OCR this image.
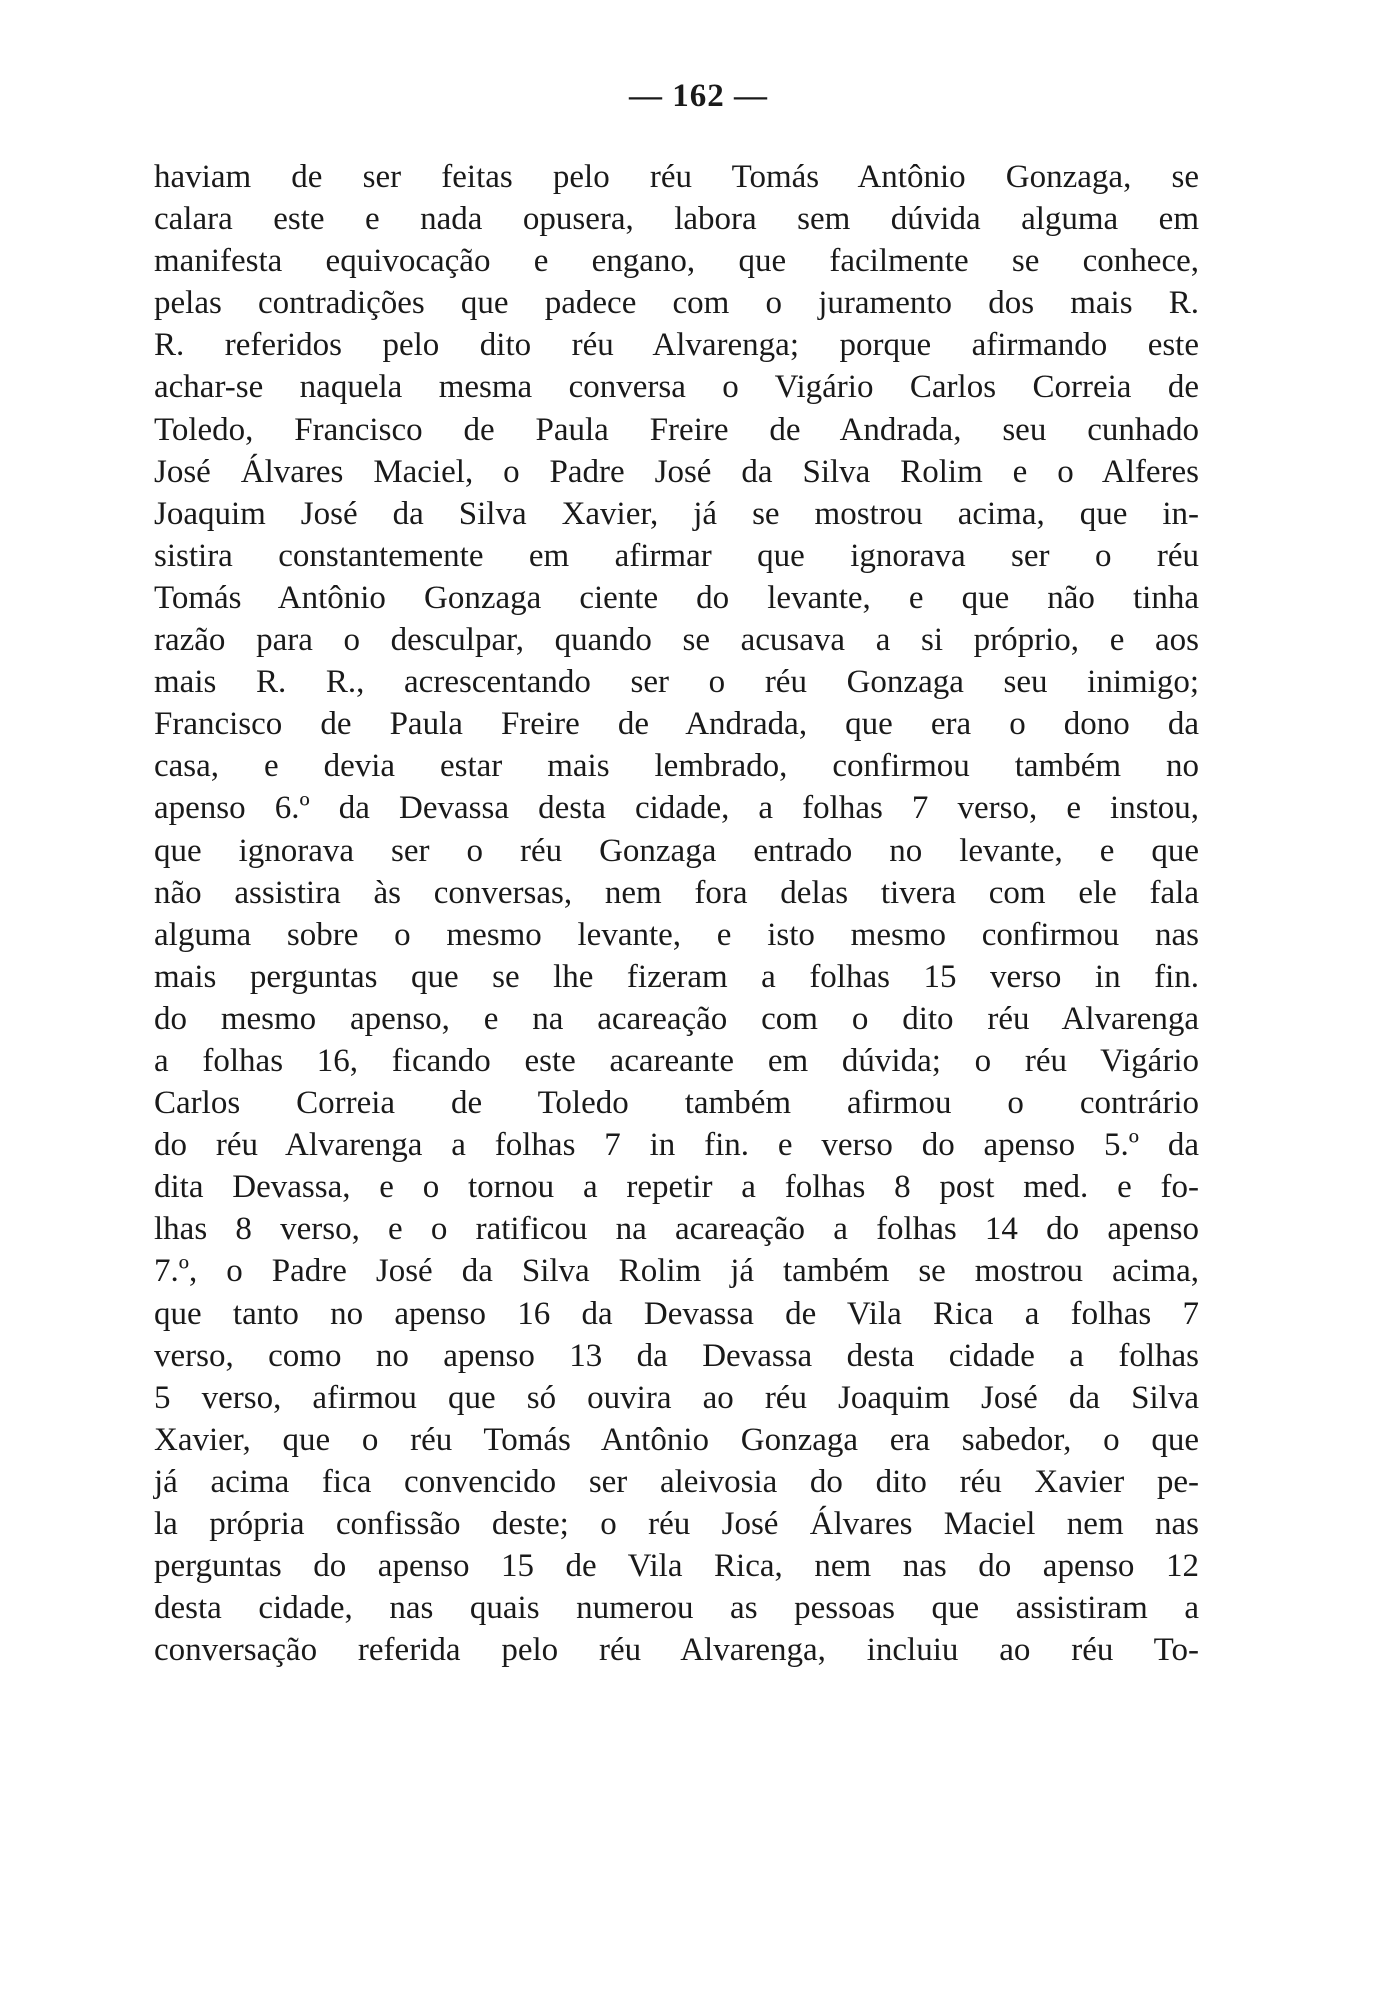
— 162 —
haviam de ser feitas pelo réu Tomás Antônio Gonzaga, se
calara este e nada opusera, labora sem dúvida alguma em
manifesta equivocação e engano, que facilmente se conhece,
pelas contradições que padece com o juramento dos mais R.
R. referidos pelo dito réu Alvarenga; porque afirmando este
achar-se naquela mesma conversa o Vigário Carlos Correia de
Toledo, Francisco de Paula Freire de Andrada, seu cunhado
José Álvares Maciel, o Padre José da Silva Rolim e o Alferes
Joaquim José da Silva Xavier, já se mostrou acima, que in-
sistira constantemente em afirmar que ignorava ser o réu
Tomás Antônio Gonzaga ciente do levante, e que não tinha
razão para o desculpar, quando se acusava a si próprio, e aos
mais R. R., acrescentando ser o réu Gonzaga seu inimigo;
Francisco de Paula Freire de Andrada, que era o dono da
casa, e devia estar mais lembrado, confirmou também no
apenso 6.º da Devassa desta cidade, a folhas 7 verso, e instou,
que ignorava ser o réu Gonzaga entrado no levante, e que
não assistira às conversas, nem fora delas tivera com ele fala
alguma sobre o mesmo levante, e isto mesmo confirmou nas
mais perguntas que se lhe fizeram a folhas 15 verso in fin.
do mesmo apenso, e na acareação com o dito réu Alvarenga
a folhas 16, ficando este acareante em dúvida; o réu Vigário
Carlos Correia de Toledo também afirmou o contrário
do réu Alvarenga a folhas 7 in fin. e verso do apenso 5.º da
dita Devassa, e o tornou a repetir a folhas 8 post med. e fo-
lhas 8 verso, e o ratificou na acareação a folhas 14 do apenso
7.º, o Padre José da Silva Rolim já também se mostrou acima,
que tanto no apenso 16 da Devassa de Vila Rica a folhas 7
verso, como no apenso 13 da Devassa desta cidade a folhas
5 verso, afirmou que só ouvira ao réu Joaquim José da Silva
Xavier, que o réu Tomás Antônio Gonzaga era sabedor, o que
já acima fica convencido ser aleivosia do dito réu Xavier pe-
la própria confissão deste; o réu José Álvares Maciel nem nas
perguntas do apenso 15 de Vila Rica, nem nas do apenso 12
desta cidade, nas quais numerou as pessoas que assistiram a
conversação referida pelo réu Alvarenga, incluiu ao réu To-
